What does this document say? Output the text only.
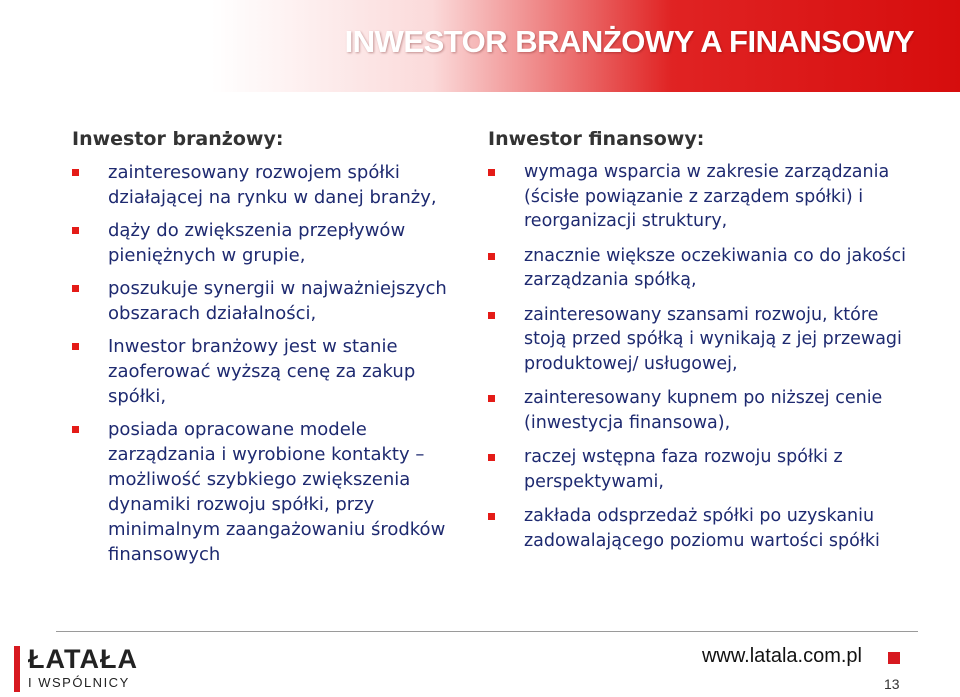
INWESTOR BRANŻOWY A FINANSOWY
Inwestor branżowy:
zainteresowany rozwojem spółki działającej na rynku w danej branży,
dąży do zwiększenia przepływów pieniężnych w grupie,
poszukuje synergii w najważniejszych obszarach działalności,
Inwestor branżowy jest w stanie zaoferować wyższą cenę za zakup spółki,
posiada opracowane modele zarządzania i wyrobione kontakty – możliwość szybkiego zwiększenia dynamiki rozwoju spółki, przy minimalnym zaangażowaniu środków finansowych
Inwestor finansowy:
wymaga wsparcia w zakresie zarządzania (ścisłe powiązanie z zarządem spółki) i reorganizacji struktury,
znacznie większe oczekiwania co do jakości zarządzania spółką,
zainteresowany szansami rozwoju, które stoją przed spółką i wynikają z jej przewagi produktowej/ usługowej,
zainteresowany kupnem po niższej cenie (inwestycja finansowa),
raczej wstępna faza rozwoju spółki z perspektywami,
zakłada odsprzedaż spółki po uzyskaniu zadowalającego poziomu wartości spółki
ŁATAŁA
I WSPÓLNICY
www.latala.com.pl
13
